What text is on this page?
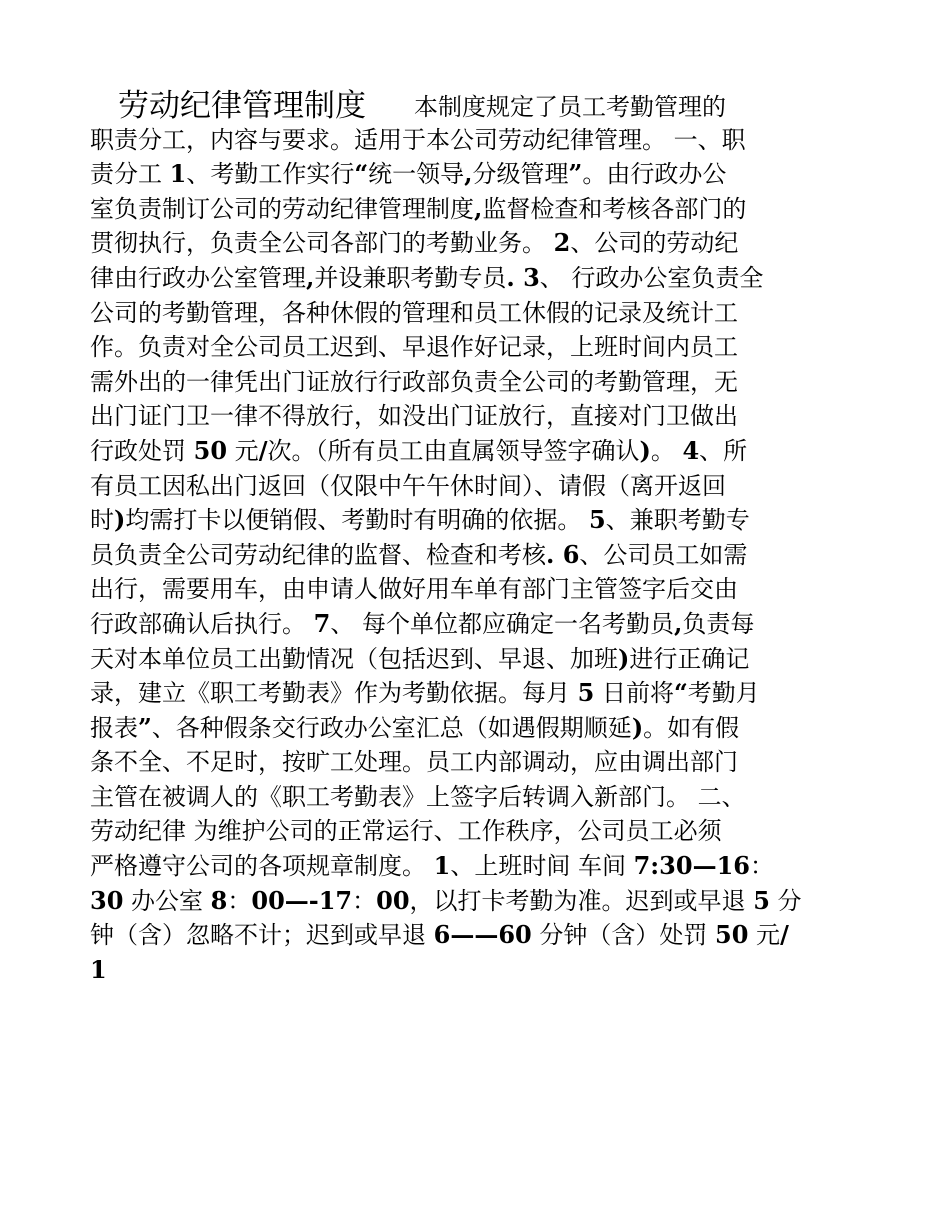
劳动纪律管理制度 本制度规定了员工考勤管理的
职责分工，内容与要求。适用于本公司劳动纪律管理。 一、职
责分工 1、考勤工作实行“统一领导,分级管理”。由行政办公
室负责制订公司的劳动纪律管理制度,监督检查和考核各部门的
贯彻执行，负责全公司各部门的考勤业务。 2、公司的劳动纪
律由行政办公室管理,并设兼职考勤专员. 3、 行政办公室负责全
公司的考勤管理，各种休假的管理和员工休假的记录及统计工
作。负责对全公司员工迟到、早退作好记录，上班时间内员工
需外出的一律凭出门证放行行政部负责全公司的考勤管理，无
出门证门卫一律不得放行，如没出门证放行，直接对门卫做出
行政处罚 50 元/次。（所有员工由直属领导签字确认)。 4、所
有员工因私出门返回（仅限中午午休时间）、请假（离开返回
时)均需打卡以便销假、考勤时有明确的依据。 5、兼职考勤专
员负责全公司劳动纪律的监督、检查和考核. 6、公司员工如需
出行，需要用车，由申请人做好用车单有部门主管签字后交由
行政部确认后执行。 7、 每个单位都应确定一名考勤员,负责每
天对本单位员工出勤情况（包括迟到、早退、加班)进行正确记
录，建立《职工考勤表》作为考勤依据。每月 5 日前将“考勤月
报表”、各种假条交行政办公室汇总（如遇假期顺延)。如有假
条不全、不足时，按旷工处理。员工内部调动，应由调出部门
主管在被调人的《职工考勤表》上签字后转调入新部门。 二、
劳动纪律 为维护公司的正常运行、工作秩序，公司员工必须
严格遵守公司的各项规章制度。 1、上班时间 车间 7:30—16：
30 办公室 8：00—-17：00，以打卡考勤为准。迟到或早退 5 分
钟（含）忽略不计；迟到或早退 6——60 分钟（含）处罚 50 元/
1
